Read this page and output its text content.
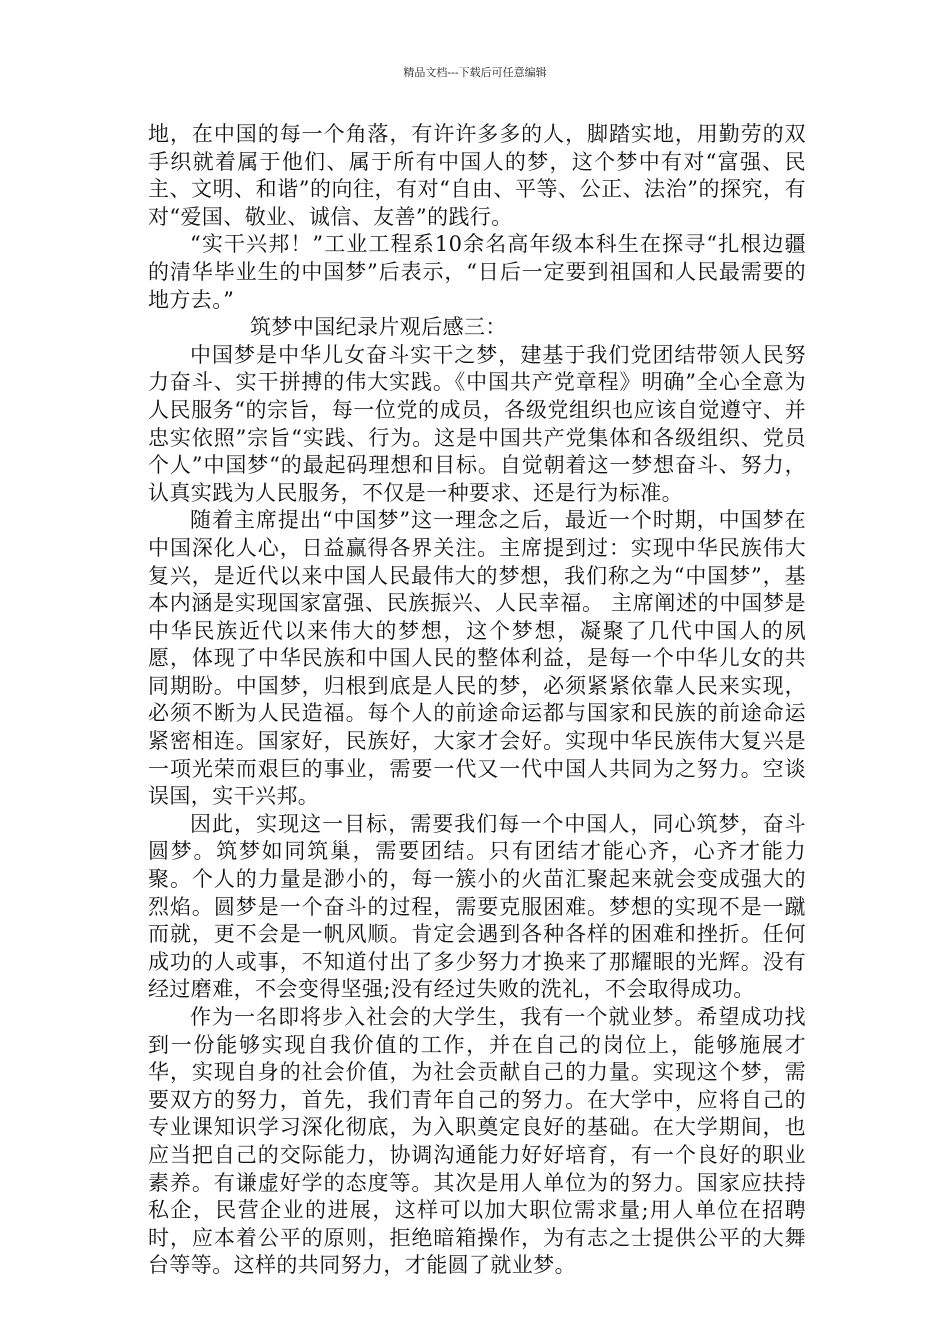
精品文档---下载后可任意编辑

地，在中国的每一个角落，有许许多多的人，脚踏实地，用勤劳的双手织就着属于他们、属于所有中国人的梦，这个梦中有对“富强、民主、文明、和谐”的向往，有对“自由、平等、公正、法治”的探究，有对“爱国、敬业、诚信、友善”的践行。

“实干兴邦！”工业工程系10余名高年级本科生在探寻“扎根边疆的清华毕业生的中国梦”后表示，“日后一定要到祖国和人民最需要的地方去。”

筑梦中国纪录片观后感三：

中国梦是中华儿女奋斗实干之梦，建基于我们党团结带领人民努力奋斗、实干拼搏的伟大实践。《中国共产党章程》明确”全心全意为人民服务“的宗旨，每一位党的成员，各级党组织也应该自觉遵守、并忠实依照”宗旨“实践、行为。这是中国共产党集体和各级组织、党员个人”中国梦“的最起码理想和目标。自觉朝着这一梦想奋斗、努力，认真实践为人民服务，不仅是一种要求、还是行为标准。

随着主席提出“中国梦”这一理念之后，最近一个时期，中国梦在中国深化人心，日益赢得各界关注。主席提到过：实现中华民族伟大复兴，是近代以来中国人民最伟大的梦想，我们称之为“中国梦”，基本内涵是实现国家富强、民族振兴、人民幸福。 主席阐述的中国梦是中华民族近代以来伟大的梦想，这个梦想，凝聚了几代中国人的夙愿，体现了中华民族和中国人民的整体利益，是每一个中华儿女的共同期盼。中国梦，归根到底是人民的梦，必须紧紧依靠人民来实现，必须不断为人民造福。每个人的前途命运都与国家和民族的前途命运紧密相连。国家好，民族好，大家才会好。实现中华民族伟大复兴是一项光荣而艰巨的事业，需要一代又一代中国人共同为之努力。空谈误国，实干兴邦。

因此，实现这一目标，需要我们每一个中国人，同心筑梦，奋斗圆梦。筑梦如同筑巢，需要团结。只有团结才能心齐，心齐才能力聚。个人的力量是渺小的，每一簇小的火苗汇聚起来就会变成强大的烈焰。圆梦是一个奋斗的过程，需要克服困难。梦想的实现不是一蹴而就，更不会是一帆风顺。肯定会遇到各种各样的困难和挫折。任何成功的人或事，不知道付出了多少努力才换来了那耀眼的光辉。没有经过磨难，不会变得坚强;没有经过失败的洗礼，不会取得成功。

作为一名即将步入社会的大学生，我有一个就业梦。希望成功找到一份能够实现自我价值的工作，并在自己的岗位上，能够施展才华，实现自身的社会价值，为社会贡献自己的力量。实现这个梦，需要双方的努力，首先，我们青年自己的努力。在大学中，应将自己的专业课知识学习深化彻底，为入职奠定良好的基础。在大学期间，也应当把自己的交际能力，协调沟通能力好好培育，有一个良好的职业素养。有谦虚好学的态度等。其次是用人单位为的努力。国家应扶持私企，民营企业的进展，这样可以加大职位需求量;用人单位在招聘时，应本着公平的原则，拒绝暗箱操作，为有志之士提供公平的大舞台等等。这样的共同努力，才能圆了就业梦。
